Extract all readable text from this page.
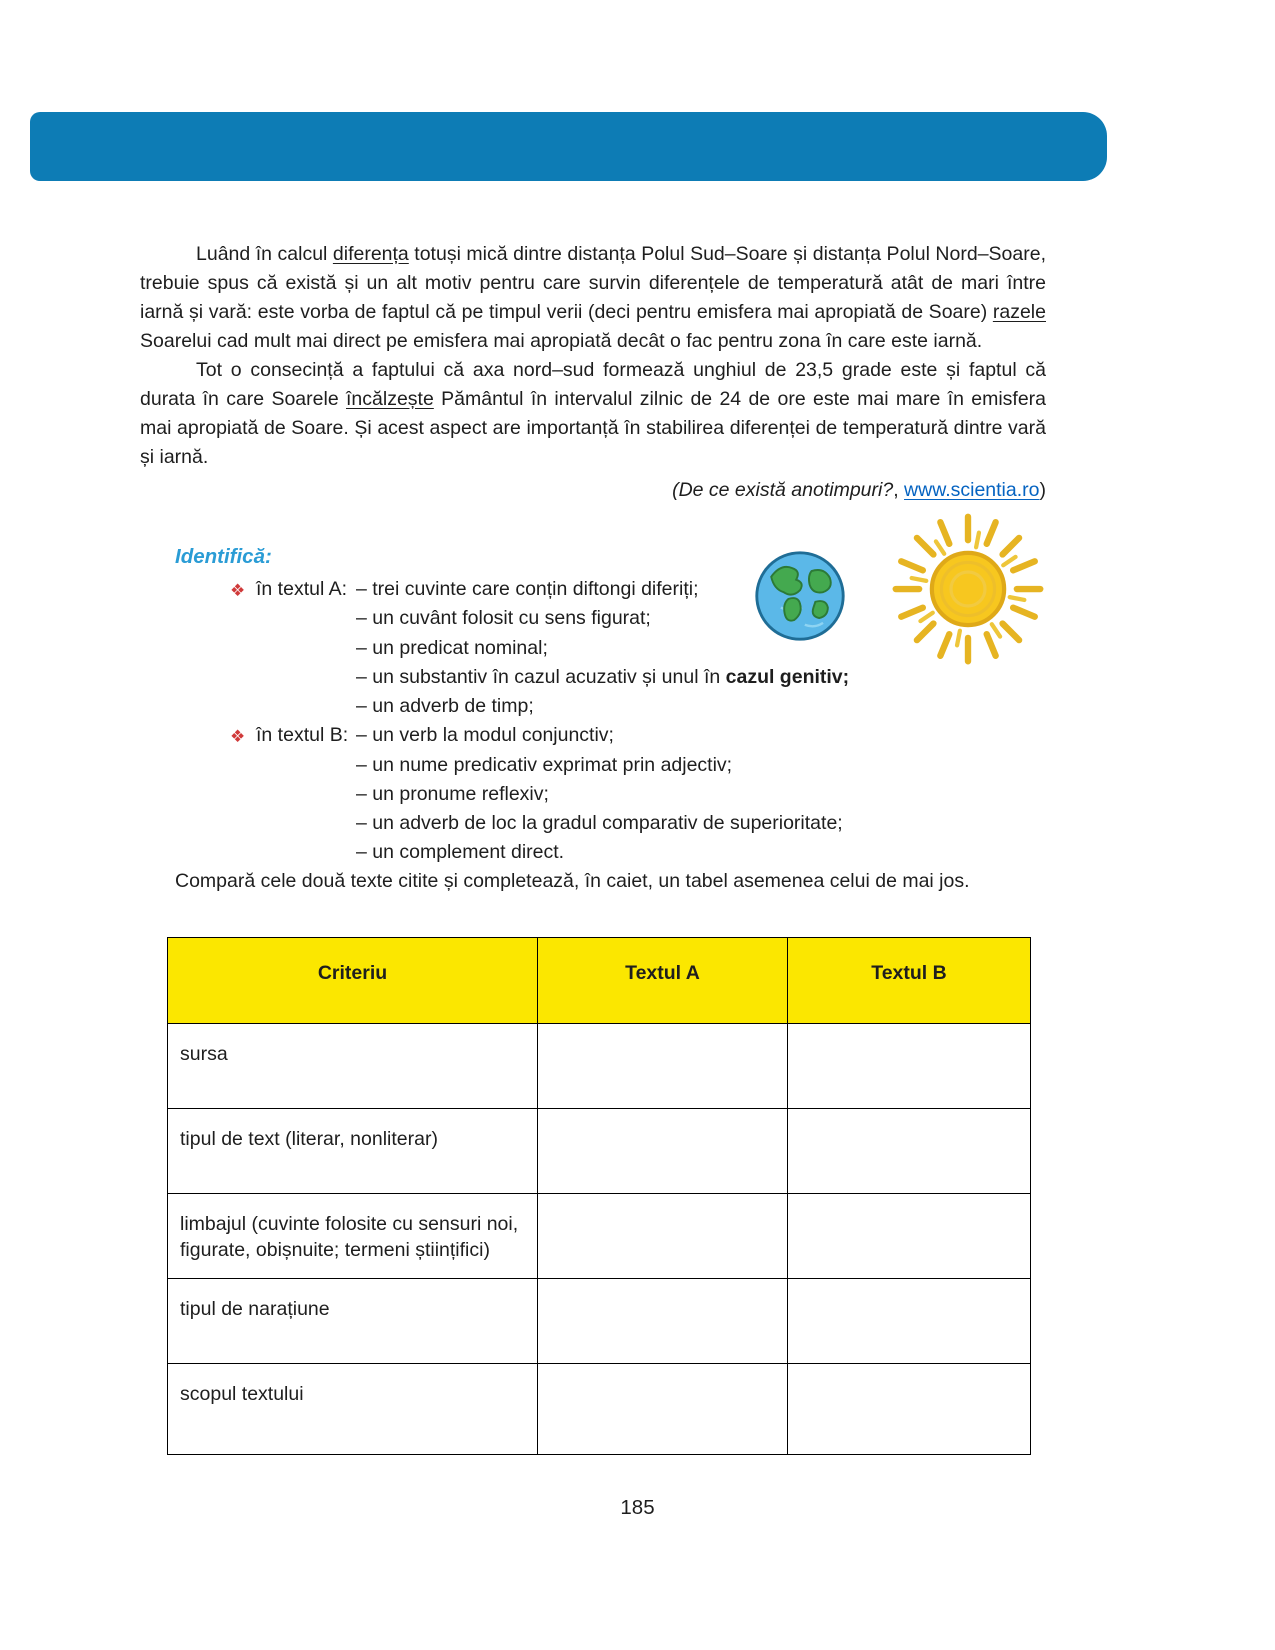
Luând în calcul diferența totuși mică dintre distanța Polul Sud–Soare și distanța Polul Nord–Soare, trebuie spus că există și un alt motiv pentru care survin diferențele de temperatură atât de mari între iarnă și vară: este vorba de faptul că pe timpul verii (deci pentru emisfera mai apropiată de Soare) razele Soarelui cad mult mai direct pe emisfera mai apropiată decât o fac pentru zona în care este iarnă.

Tot o consecință a faptului că axa nord–sud formează unghiul de 23,5 grade este și faptul că durata în care Soarele încălzește Pământul în intervalul zilnic de 24 de ore este mai mare în emisfera mai apropiată de Soare. Și acest aspect are importanță în stabilirea diferenței de temperatură dintre vară și iarnă.

(De ce există anotimpuri?, www.scientia.ro)
Identifică:
❖ în textul A: – trei cuvinte care conțin diftongi diferiți;
– un cuvânt folosit cu sens figurat;
– un predicat nominal;
– un substantiv în cazul acuzativ și unul în cazul genitiv;
– un adverb de timp;
❖ în textul B: – un verb la modul conjunctiv;
– un nume predicativ exprimat prin adjectiv;
– un pronume reflexiv;
– un adverb de loc la gradul comparativ de superioritate;
– un complement direct.
Compară cele două texte citite și completează, în caiet, un tabel asemenea celui de mai jos.
Criteriu	Textul A	Textul B
sursa		
tipul de text (literar, nonliterar)		
limbajul (cuvinte folosite cu sensuri noi, figurate, obișnuite; termeni științifici)		
tipul de narațiune		
scopul textului		
185
